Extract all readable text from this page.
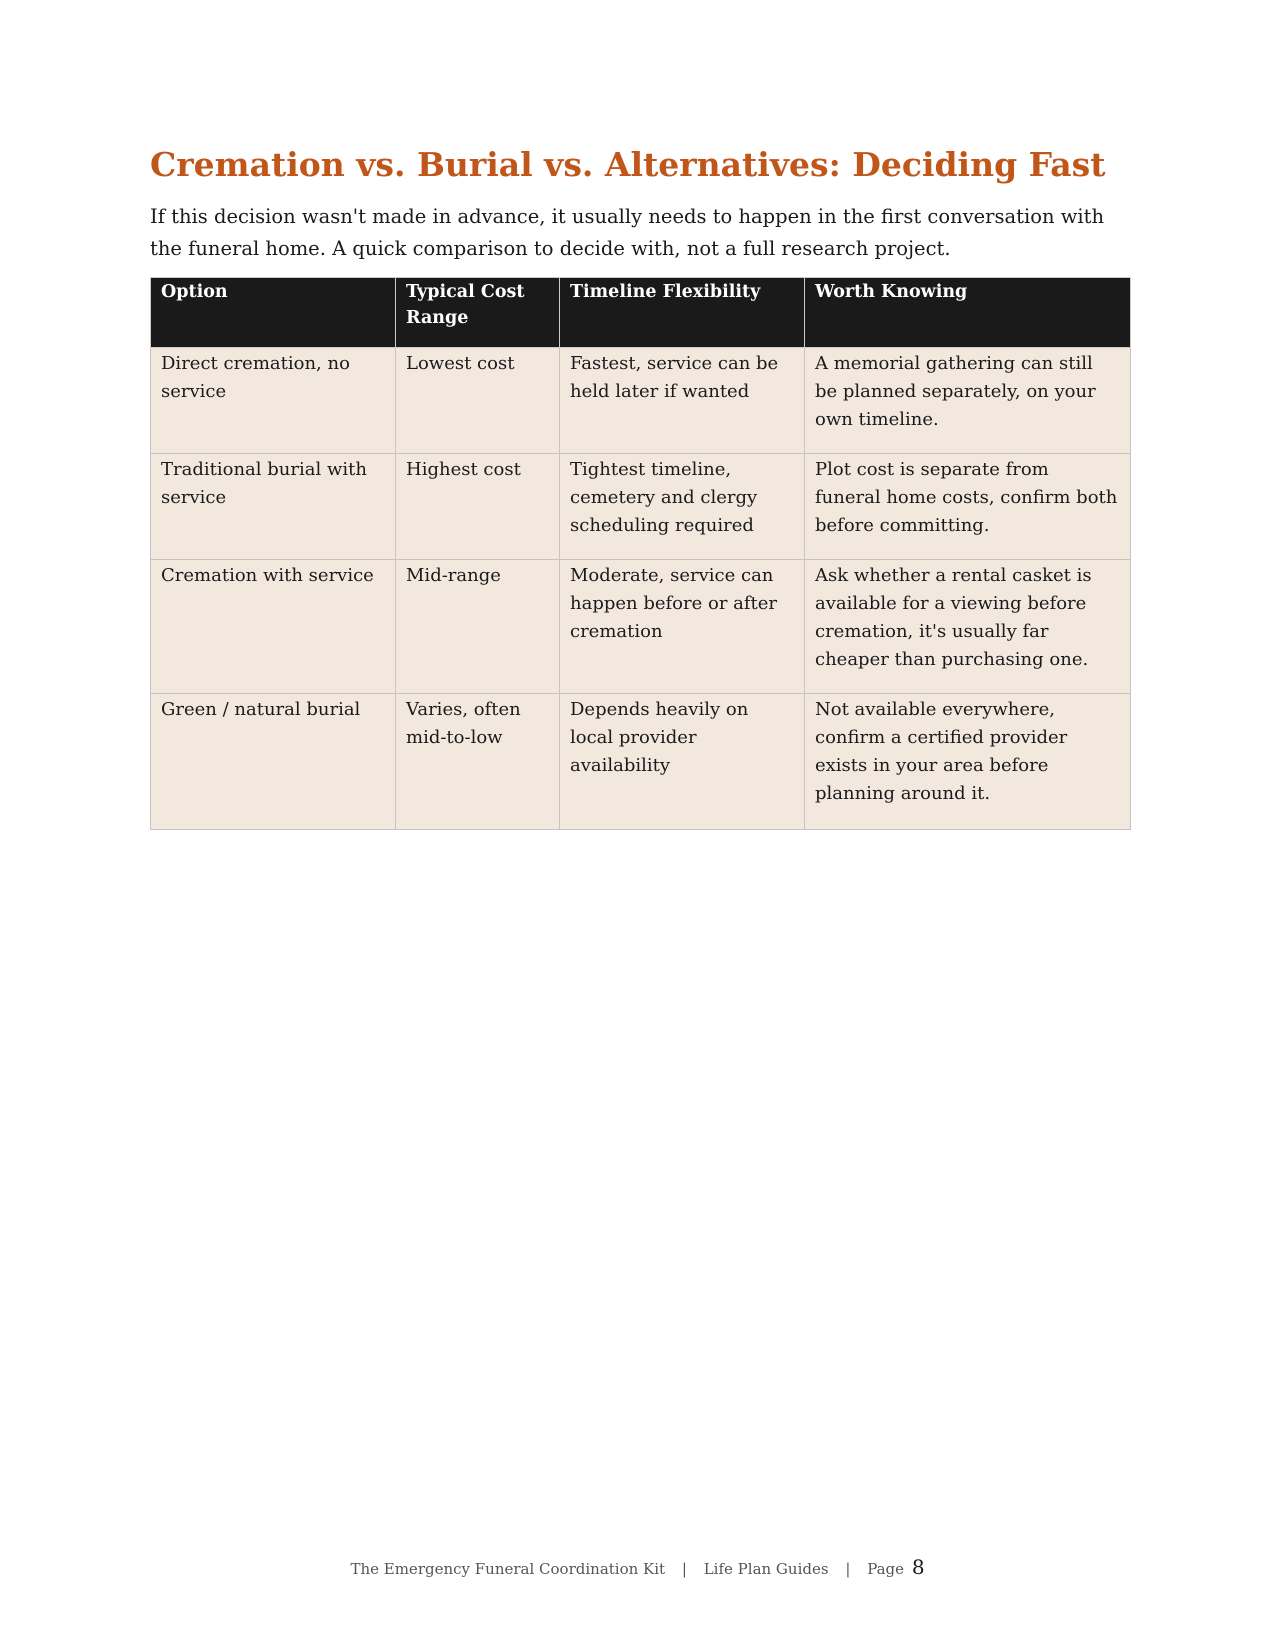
Cremation vs. Burial vs. Alternatives: Deciding Fast

If this decision wasn't made in advance, it usually needs to happen in the first conversation with the funeral home. A quick comparison to decide with, not a full research project.

Option	Typical Cost Range	Timeline Flexibility	Worth Knowing
Direct cremation, no service	Lowest cost	Fastest, service can be held later if wanted	A memorial gathering can still be planned separately, on your own timeline.
Traditional burial with service	Highest cost	Tightest timeline, cemetery and clergy scheduling required	Plot cost is separate from funeral home costs, confirm both before committing.
Cremation with service	Mid-range	Moderate, service can happen before or after cremation	Ask whether a rental casket is available for a viewing before cremation, it's usually far cheaper than purchasing one.
Green / natural burial	Varies, often mid-to-low	Depends heavily on local provider availability	Not available everywhere, confirm a certified provider exists in your area before planning around it.
The Emergency Funeral Coordination Kit | Life Plan Guides | Page 8
